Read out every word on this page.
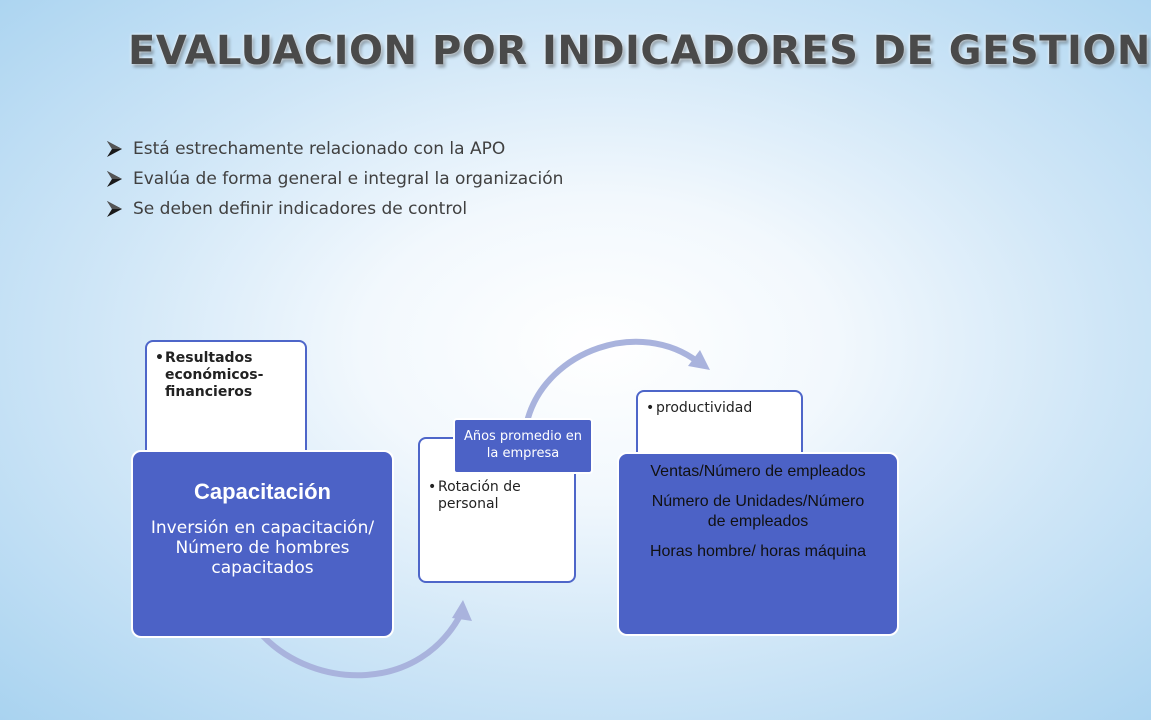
EVALUACION POR INDICADORES DE GESTION
Está estrechamente relacionado con la APO
Evalúa de forma general e integral la organización
Se deben definir indicadores de control
• Resultados económicos-financieros
Capacitación
Inversión en capacitación/ Número de hombres capacitados
• Rotación de personal
Años promedio en la empresa
• productividad
Ventas/Número de empleados
Número de Unidades/Número de empleados
Horas hombre/ horas máquina
